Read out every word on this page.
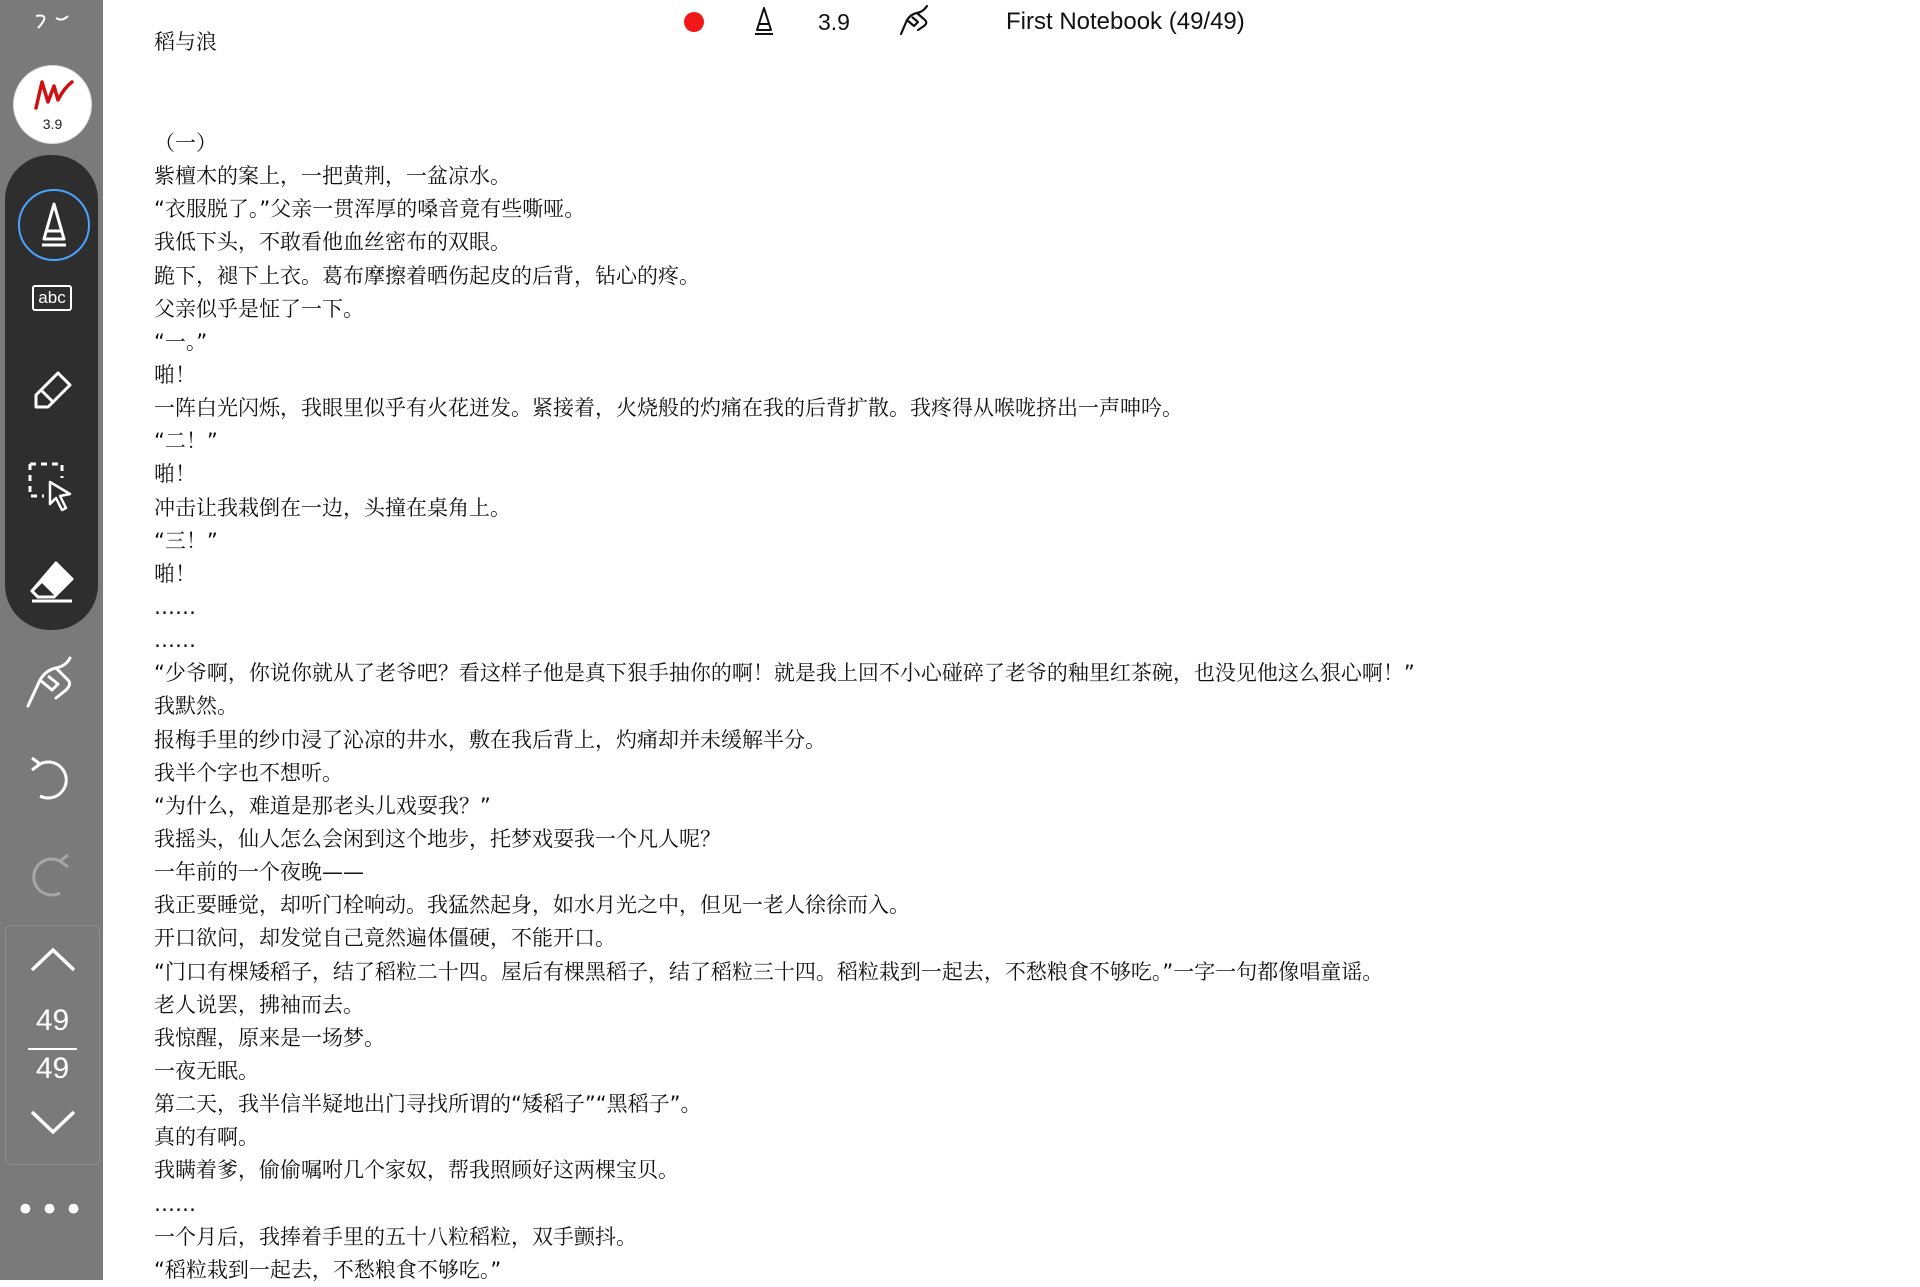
3.9
abc
49
49
•••
3.9	First Notebook (49/49)
稻与浪
（一）
紫檀木的案上，一把黄荆，一盆凉水。
“衣服脱了。”父亲一贯浑厚的嗓音竟有些嘶哑。
我低下头，不敢看他血丝密布的双眼。
跪下，褪下上衣。葛布摩擦着晒伤起皮的后背，钻心的疼。
父亲似乎是怔了一下。
“一。”
啪！
一阵白光闪烁，我眼里似乎有火花迸发。紧接着，火烧般的灼痛在我的后背扩散。我疼得从喉咙挤出一声呻吟。
“二！”
啪！
冲击让我栽倒在一边，头撞在桌角上。
“三！”
啪！
……
……
“少爷啊，你说你就从了老爷吧？看这样子他是真下狠手抽你的啊！就是我上回不小心碰碎了老爷的釉里红茶碗，也没见他这么狠心啊！”
我默然。
报梅手里的纱巾浸了沁凉的井水，敷在我后背上，灼痛却并未缓解半分。
我半个字也不想听。
“为什么，难道是那老头儿戏耍我？”
我摇头，仙人怎么会闲到这个地步，托梦戏耍我一个凡人呢？
一年前的一个夜晚——
我正要睡觉，却听门栓响动。我猛然起身，如水月光之中，但见一老人徐徐而入。
开口欲问，却发觉自己竟然遍体僵硬，不能开口。
“门口有棵矮稻子，结了稻粒二十四。屋后有棵黑稻子，结了稻粒三十四。稻粒栽到一起去，不愁粮食不够吃。”一字一句都像唱童谣。
老人说罢，拂袖而去。
我惊醒，原来是一场梦。
一夜无眠。
第二天，我半信半疑地出门寻找所谓的“矮稻子”“黑稻子”。
真的有啊。
我瞒着爹，偷偷嘱咐几个家奴，帮我照顾好这两棵宝贝。
……
一个月后，我捧着手里的五十八粒稻粒，双手颤抖。
“稻粒栽到一起去，不愁粮食不够吃。”
